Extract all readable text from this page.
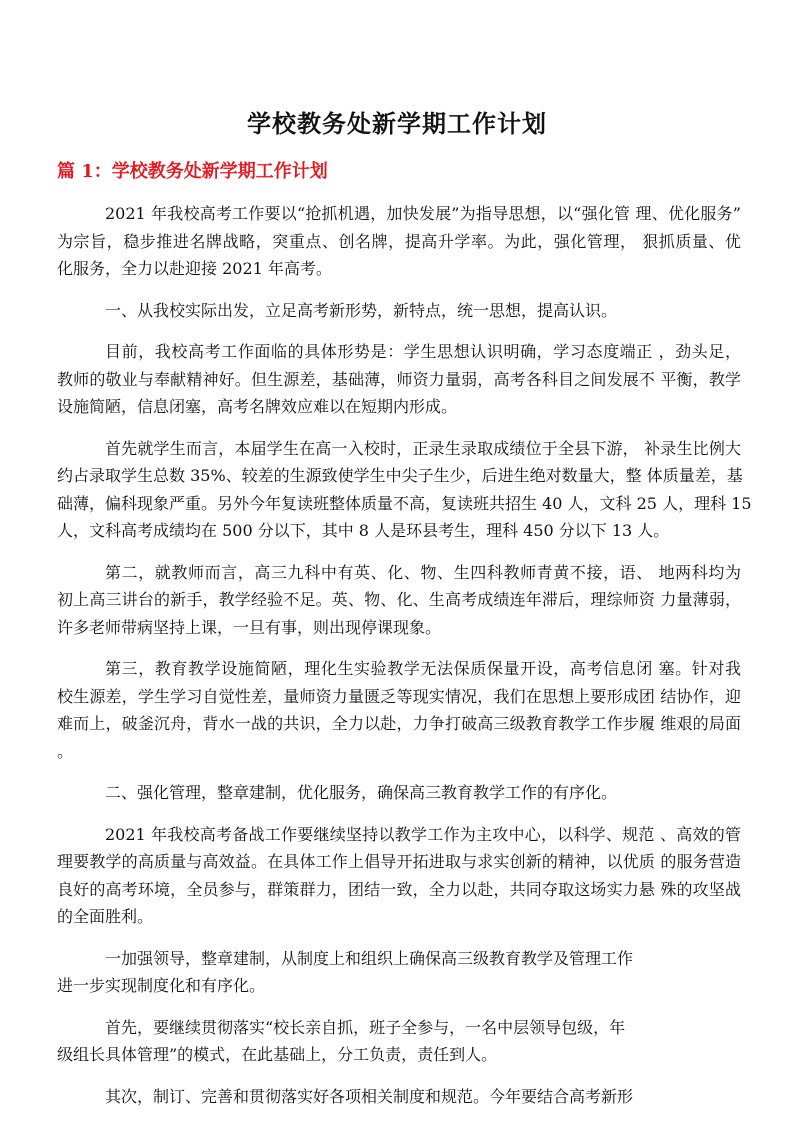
学校教务处新学期工作计划
篇 1：学校教务处新学期工作计划
2021 年我校高考工作要以“抢抓机遇，加快发展”为指导思想，以“强化管 理、优化服务”
为宗旨，稳步推进名牌战略，突重点、创名牌，提高升学率。为此，强化管理， 狠抓质量、优
化服务，全力以赴迎接 2021 年高考。
一、从我校实际出发，立足高考新形势，新特点，统一思想，提高认识。
目前，我校高考工作面临的具体形势是：学生思想认识明确，学习态度端正 ，劲头足，
教师的敬业与奉献精神好。但生源差，基础薄，师资力量弱，高考各科目之间发展不 平衡，教学
设施简陋，信息闭塞，高考名牌效应难以在短期内形成。
首先就学生而言，本届学生在高一入校时，正录生录取成绩位于全县下游， 补录生比例大
约占录取学生总数 35%、较差的生源致使学生中尖子生少，后进生绝对数量大，整 体质量差，基
础薄，偏科现象严重。另外今年复读班整体质量不高，复读班共招生 40 人，文科 25 人，理科 15
人，文科高考成绩均在 500 分以下，其中 8 人是环县考生，理科 450 分以下 13 人。
第二，就教师而言，高三九科中有英、化、物、生四科教师青黄不接，语、 地两科均为
初上高三讲台的新手，教学经验不足。英、物、化、生高考成绩连年滞后，理综师资 力量薄弱，
许多老师带病坚持上课，一旦有事，则出现停课现象。
第三，教育教学设施简陋，理化生实验教学无法保质保量开设，高考信息闭 塞。针对我
校生源差，学生学习自觉性差，量师资力量匮乏等现实情况，我们在思想上要形成团 结协作，迎
难而上，破釜沉舟，背水一战的共识，全力以赴，力争打破高三级教育教学工作步履 维艰的局面
。
二、强化管理，整章建制，优化服务，确保高三教育教学工作的有序化。
2021 年我校高考备战工作要继续坚持以教学工作为主攻中心，以科学、规范 、高效的管
理要教学的高质量与高效益。在具体工作上倡导开拓进取与求实创新的精神，以优质 的服务营造
良好的高考环境，全员参与，群策群力，团结一致，全力以赴，共同夺取这场实力悬 殊的攻坚战
的全面胜利。
一加强领导，整章建制，从制度上和组织上确保高三级教育教学及管理工作
进一步实现制度化和有序化。
首先，要继续贯彻落实“校长亲自抓，班子全参与，一名中层领导包级，年
级组长具体管理”的模式，在此基础上，分工负责，责任到人。
其次，制订、完善和贯彻落实好各项相关制度和规范。今年要结合高考新形
